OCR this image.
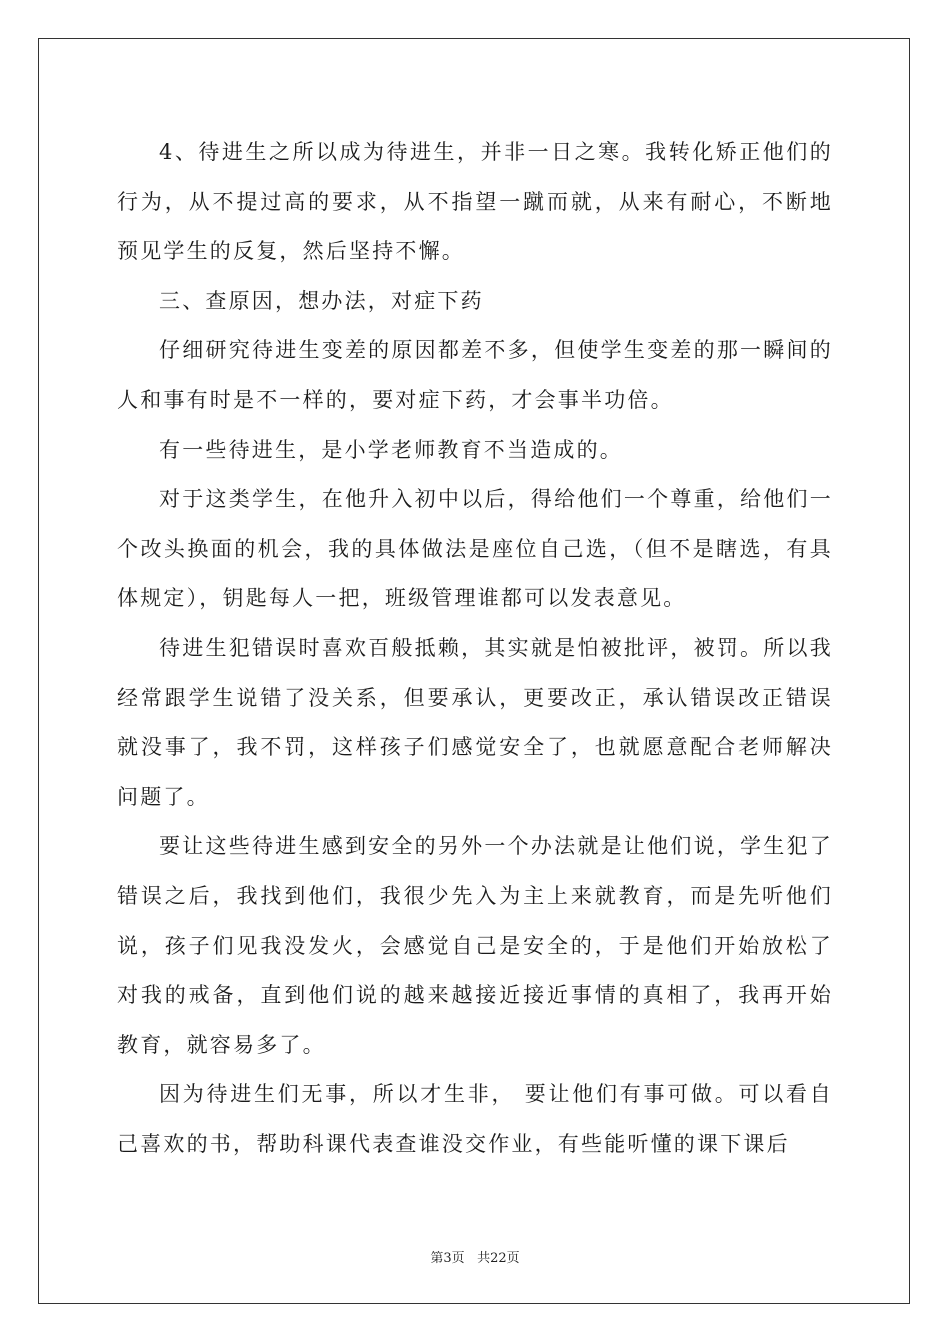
4、待进生之所以成为待进生，并非一日之寒。我转化矫正他们的行为，从不提过高的要求，从不指望一蹴而就，从来有耐心，不断地预见学生的反复，然后坚持不懈。

三、查原因，想办法，对症下药

仔细研究待进生变差的原因都差不多，但使学生变差的那一瞬间的人和事有时是不一样的，要对症下药，才会事半功倍。

有一些待进生，是小学老师教育不当造成的。

对于这类学生，在他升入初中以后，得给他们一个尊重，给他们一个改头换面的机会，我的具体做法是座位自己选，（但不是瞎选，有具体规定），钥匙每人一把，班级管理谁都可以发表意见。

待进生犯错误时喜欢百般抵赖，其实就是怕被批评，被罚。所以我经常跟学生说错了没关系，但要承认，更要改正，承认错误改正错误就没事了，我不罚，这样孩子们感觉安全了，也就愿意配合老师解决问题了。

要让这些待进生感到安全的另外一个办法就是让他们说，学生犯了错误之后，我找到他们，我很少先入为主上来就教育，而是先听他们说，孩子们见我没发火，会感觉自己是安全的，于是他们开始放松了对我的戒备，直到他们说的越来越接近接近事情的真相了，我再开始教育，就容易多了。

因为待进生们无事，所以才生非， 要让他们有事可做。可以看自己喜欢的书，帮助科课代表查谁没交作业，有些能听懂的课下课后

第3页 共22页
